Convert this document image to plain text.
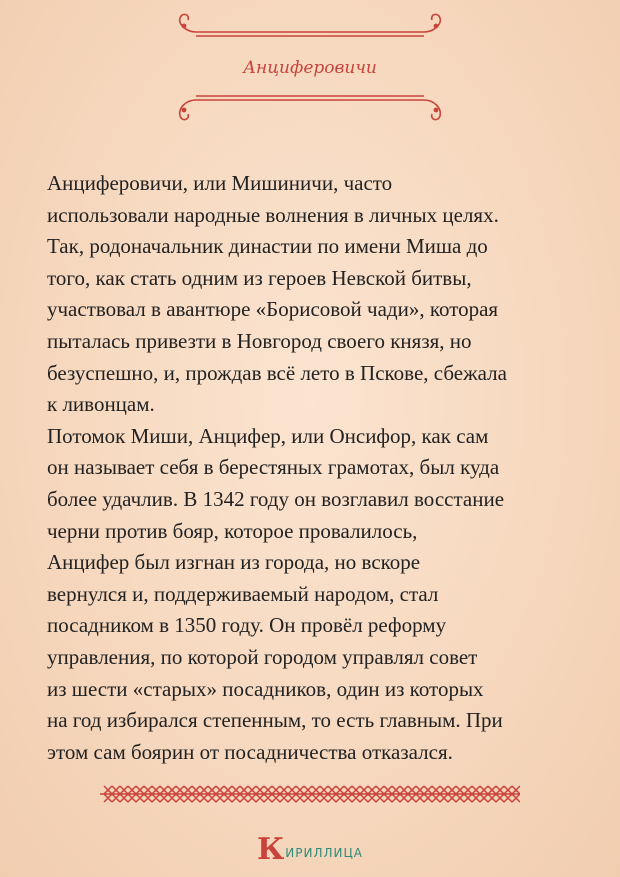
Анциферовичи

Анциферовичи, или Мишиничи, часто

использовали народные волнения в личных целях.

Так, родоначальник династии по имени Миша до

того, как стать одним из героев Невской битвы,

участвовал в авантюре «Борисовой чади», которая

пыталась привезти в Новгород своего князя, но

безуспешно, и, прождав всё лето в Пскове, сбежала

к ливонцам.

Потомок Миши, Анцифер, или Онсифор, как сам

он называет себя в берестяных грамотах, был куда

более удачлив. В 1342 году он возглавил восстание

черни против бояр, которое провалилось,

Анцифер был изгнан из города, но вскоре

вернулся и, поддерживаемый народом, стал

посадником в 1350 году. Он провёл реформу

управления, по которой городом управлял совет

из шести «старых» посадников, один из которых

на год избирался степенным, то есть главным. При

этом сам боярин от посадничества отказался.

К ИРИЛЛИЦА
